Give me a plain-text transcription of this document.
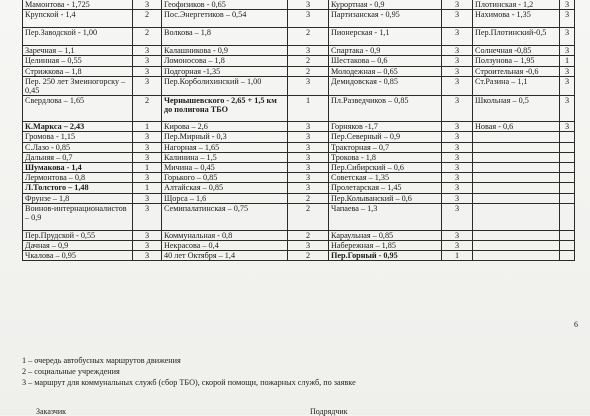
Мамонтова - 1,725	3	Геофизиков - 0,65	3	Курортная - 0,9	3	Плотинская - 1,2	3
Крупской - 1,4	2	Пос.Энергетиков – 0,54	3	Партизанская - 0,95	3	Нахимова - 1,35	3
Пер.Заводской - 1,00	2	Волкова – 1,8	2	Пионерская - 1,1	3	Пер.Плотинский-0,5	3
Заречная – 1,1	3	Калашникова - 0,9	3	Спартака - 0,9	3	Солнечная -0,85	3
Целинная – 0,55	3	Ломоносова – 1,8	2	Шестакова – 0,6	3	Ползунова – 1,95	1
Стрижкова – 1,8	3	Подгорная -1,35	2	Молодежная – 0,65	3	Строительная -0,6	3
Пер. 250 лет Змеиногорску – 0,45	3	Пер.Корболихинский – 1,00	3	Демидовская - 0,85	3	Ст.Разина – 1,1	3
Свердлова – 1,65	2	Чернышевского - 2,65 + 1,5 км до полигона ТБО	1	Пл.Разведчиков – 0,85	3	Школьная – 0,5	3
К.Маркса – 2,43	1	Кирова – 2,6	3	Горняков -1,7	3	Новая - 0,6	3
Громова - 1,15	3	Пер.Мирный - 0,3	3	Пер.Северный – 0,9	3		
С.Лазо - 0,85	3	Нагорная – 1,65	3	Тракторная – 0,7	3		
Дальняя – 0,7	3	Калинина – 1,5	3	Трокова - 1,8	3		
Шумакова - 1,4	1	Мичина – 0,45	3	Пер.Сибирский – 0,6	3		
Лермонтова – 0,8	3	Горького – 0,85	3	Советская – 1,35	3		
Л.Толстого – 1,48	1	Алтайская – 0,85	3	Пролетарская – 1,45	3		
Фрунзе – 1,8	3	Щорса – 1,6	2	Пер.Колыванский – 0,6	3		
Воинов-интернационалистов – 0,9	3	Семипалатинская – 0,75	2	Чапаева – 1,3	3		
Пер.Прудской - 0,55	3	Коммунальная - 0,8	2	Караульная – 0,85	3		
Дачная – 0,9	3	Некрасова – 0,4	3	Набережная – 1,85	3		
Чкалова – 0,95	3	40 лет Октября – 1,4	2	Пер.Горный - 0,95	1		
6
1 – очередь автобусных маршрутов движения
2 – социальные учреждения
3 – маршрут для коммунальных служб (сбор ТБО), скорой помощи, пожарных служб, по заявке
Заказчик	Подрядчик
